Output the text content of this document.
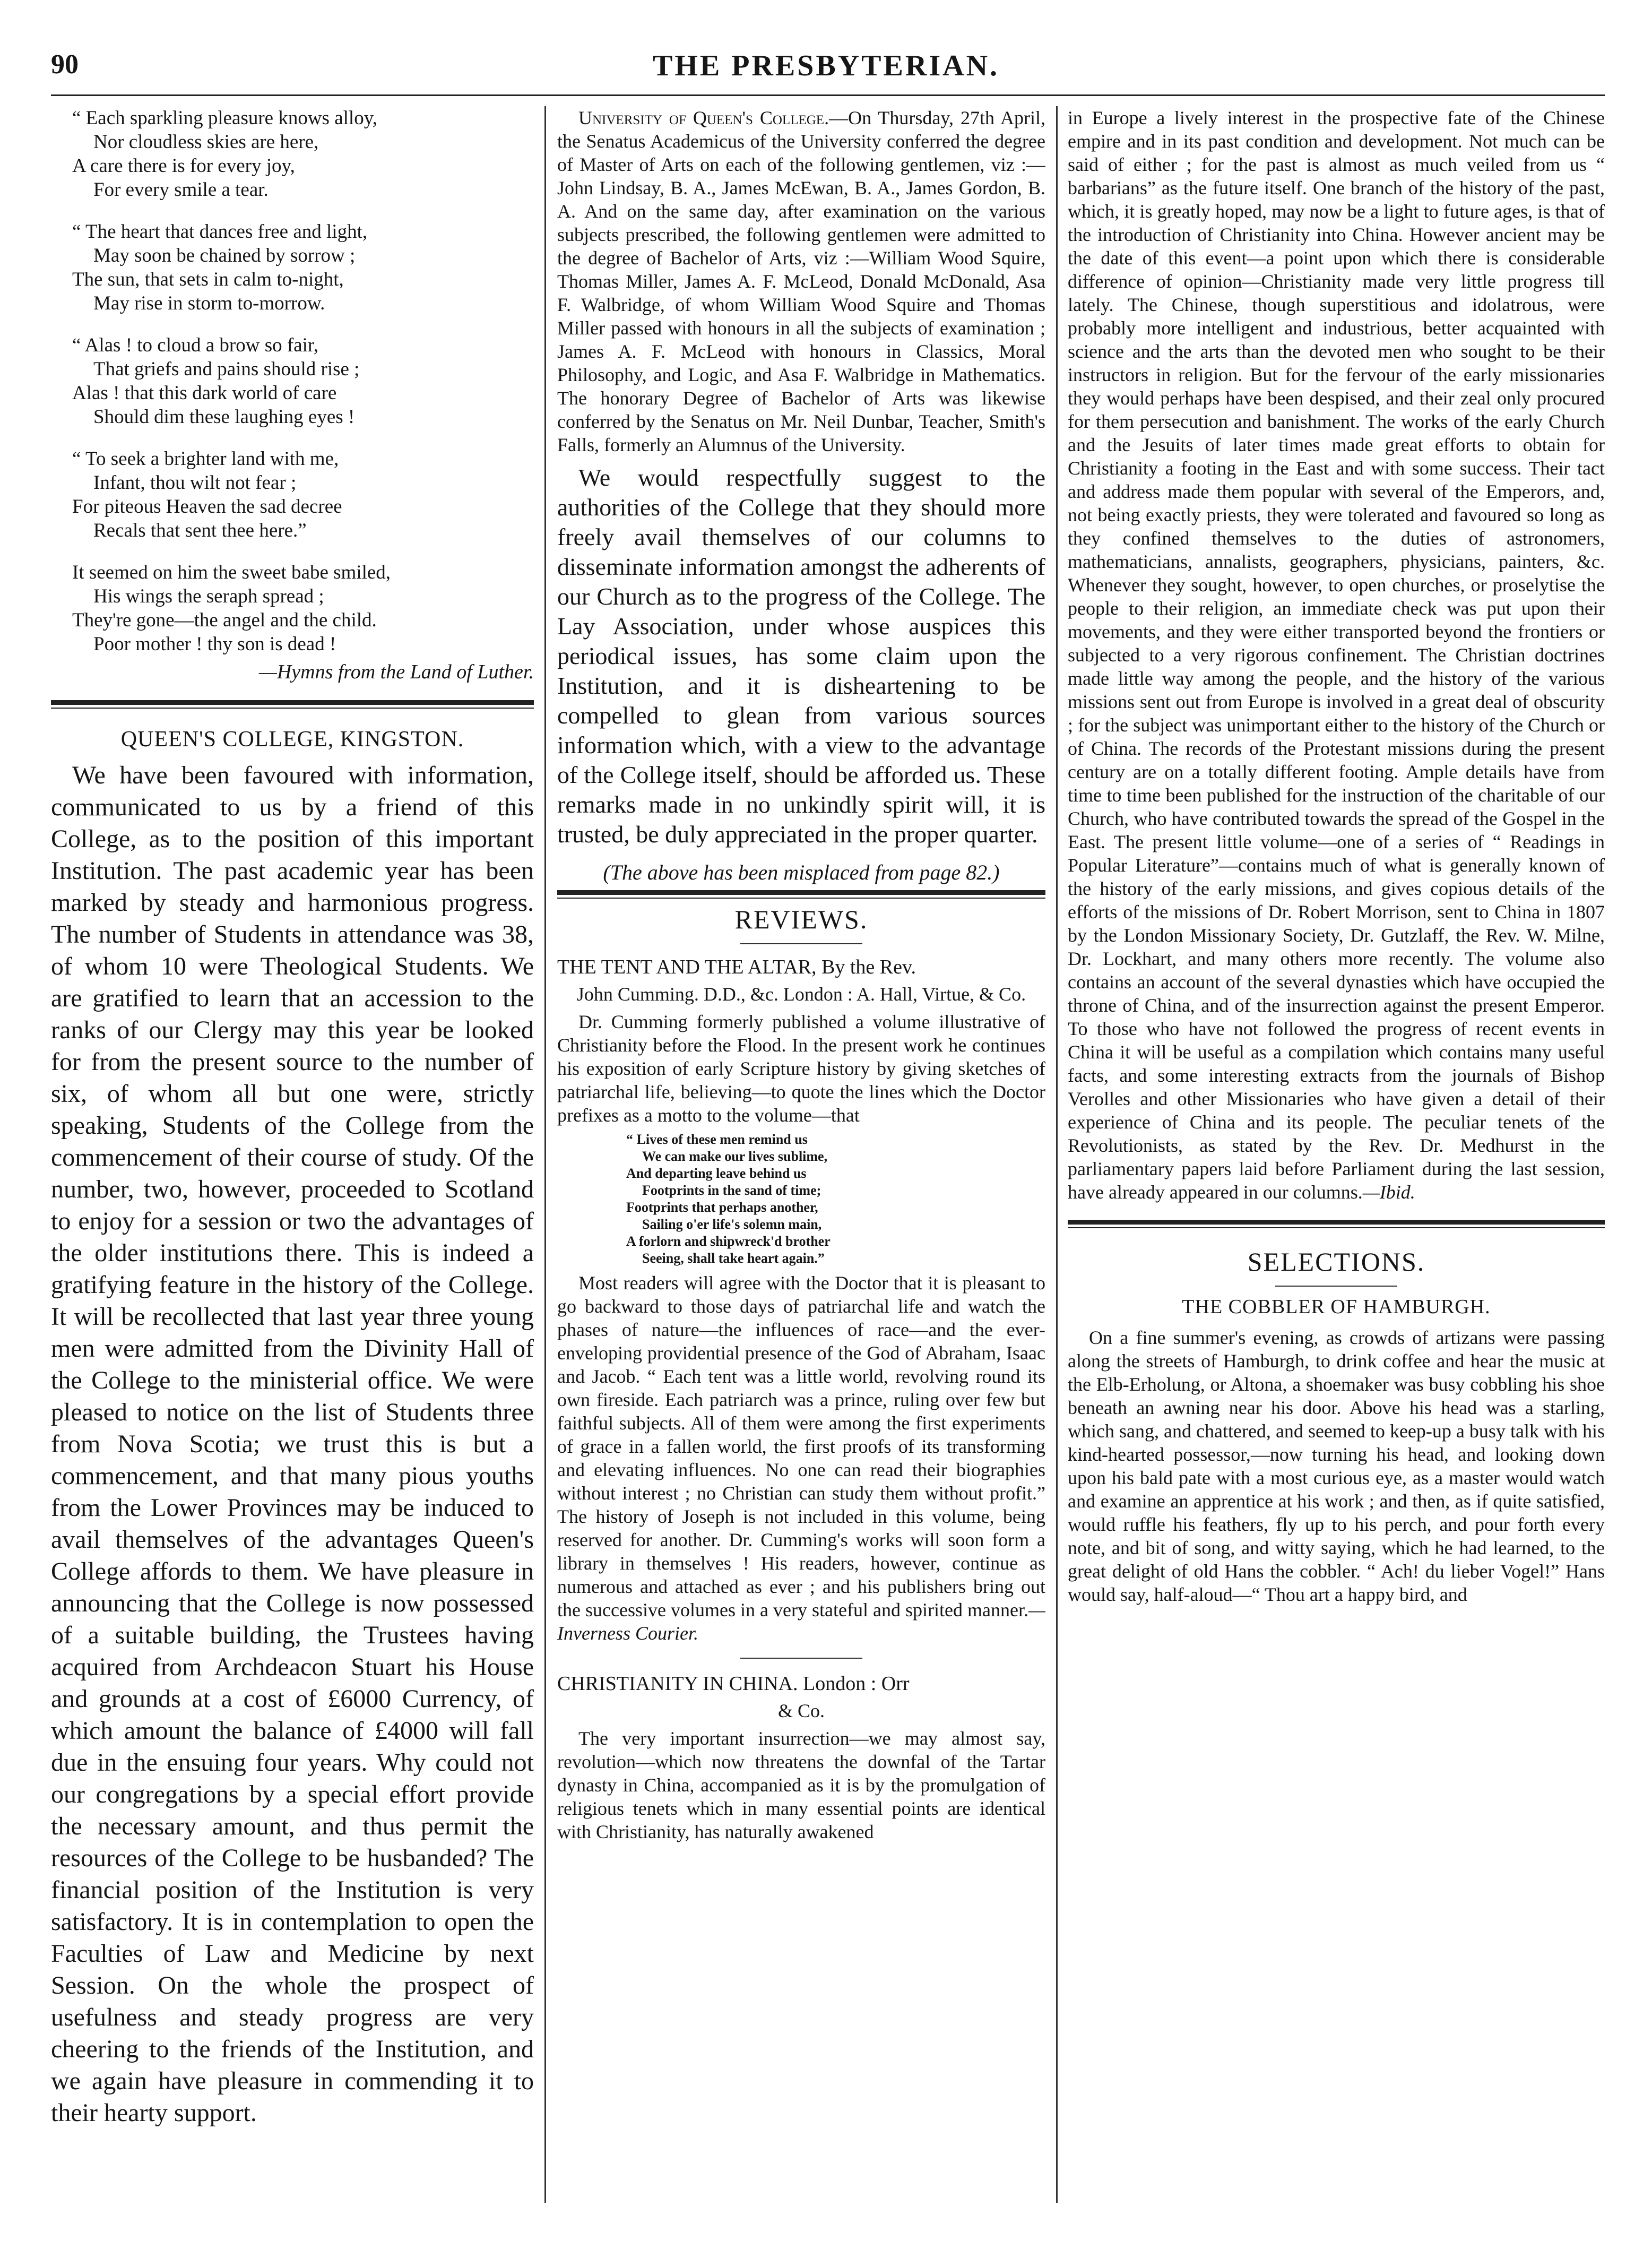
90	THE PRESBYTERIAN.
“ Each sparkling pleasure knows alloy,
Nor cloudless skies are here,
A care there is for every joy,
For every smile a tear.
“ The heart that dances free and light,
May soon be chained by sorrow ;
The sun, that sets in calm to-night,
May rise in storm to-morrow.
“ Alas ! to cloud a brow so fair,
That griefs and pains should rise ;
Alas ! that this dark world of care
Should dim these laughing eyes !
“ To seek a brighter land with me,
Infant, thou wilt not fear ;
For piteous Heaven the sad decree
Recals that sent thee here.”
It seemed on him the sweet babe smiled,
His wings the seraph spread ;
They're gone—the angel and the child.
Poor mother ! thy son is dead !
—Hymns from the Land of Luther.
QUEEN'S COLLEGE, KINGSTON.

We have been favoured with information, communicated to us by a friend of this College, as to the position of this important Institution. The past academic year has been marked by steady and harmonious progress. The number of Students in attendance was 38, of whom 10 were Theological Students. We are gratified to learn that an accession to the ranks of our Clergy may this year be looked for from the present source to the number of six, of whom all but one were, strictly speaking, Students of the College from the commencement of their course of study. Of the number, two, however, proceeded to Scotland to enjoy for a session or two the advantages of the older institutions there. This is indeed a gratifying feature in the history of the College. It will be recollected that last year three young men were admitted from the Divinity Hall of the College to the ministerial office. We were pleased to notice on the list of Students three from Nova Scotia; we trust this is but a commencement, and that many pious youths from the Lower Provinces may be induced to avail themselves of the advantages Queen's College affords to them. We have pleasure in announcing that the College is now possessed of a suitable building, the Trustees having acquired from Archdeacon Stuart his House and grounds at a cost of £6000 Currency, of which amount the balance of £4000 will fall due in the ensuing four years. Why could not our congregations by a special effort provide the necessary amount, and thus permit the resources of the College to be husbanded? The financial position of the Institution is very satisfactory. It is in contemplation to open the Faculties of Law and Medicine by next Session. On the whole the prospect of usefulness and steady progress are very cheering to the friends of the Institution, and we again have pleasure in commending it to their hearty support.

University of Queen's College.—On Thursday, 27th April, the Senatus Academicus of the University conferred the degree of Master of Arts on each of the following gentlemen, viz :— John Lindsay, B. A., James McEwan, B. A., James Gordon, B. A. And on the same day, after examination on the various subjects prescribed, the following gentlemen were admitted to the degree of Bachelor of Arts, viz :—William Wood Squire, Thomas Miller, James A. F. McLeod, Donald McDonald, Asa F. Walbridge, of whom William Wood Squire and Thomas Miller passed with honours in all the subjects of examination ; James A. F. McLeod with honours in Classics, Moral Philosophy, and Logic, and Asa F. Walbridge in Mathematics. The honorary Degree of Bachelor of Arts was likewise conferred by the Senatus on Mr. Neil Dunbar, Teacher, Smith's Falls, formerly an Alumnus of the University.

We would respectfully suggest to the authorities of the College that they should more freely avail themselves of our columns to disseminate information amongst the adherents of our Church as to the progress of the College. The Lay Association, under whose auspices this periodical issues, has some claim upon the Institution, and it is disheartening to be compelled to glean from various sources information which, with a view to the advantage of the College itself, should be afforded us. These remarks made in no unkindly spirit will, it is trusted, be duly appreciated in the proper quarter.

(The above has been misplaced from page 82.)
REVIEWS.
THE TENT AND THE ALTAR, By the Rev.
John Cumming. D.D., &c. London : A. Hall, Virtue, & Co.

Dr. Cumming formerly published a volume illustrative of Christianity before the Flood. In the present work he continues his exposition of early Scripture history by giving sketches of patriarchal life, believing—to quote the lines which the Doctor prefixes as a motto to the volume—that

“ Lives of these men remind us
We can make our lives sublime,
And departing leave behind us
Footprints in the sand of time;
Footprints that perhaps another,
Sailing o'er life's solemn main,
A forlorn and shipwreck'd brother
Seeing, shall take heart again.”

Most readers will agree with the Doctor that it is pleasant to go backward to those days of patriarchal life and watch the phases of nature—the influences of race—and the ever-enveloping providential presence of the God of Abraham, Isaac and Jacob. “ Each tent was a little world, revolving round its own fireside. Each patriarch was a prince, ruling over few but faithful subjects. All of them were among the first experiments of grace in a fallen world, the first proofs of its transforming and elevating influences. No one can read their biographies without interest ; no Christian can study them without profit.” The history of Joseph is not included in this volume, being reserved for another. Dr. Cumming's works will soon form a library in themselves ! His readers, however, continue as numerous and attached as ever ; and his publishers bring out the successive volumes in a very stateful and spirited manner.—Inverness Courier.

CHRISTIANITY IN CHINA. London : Orr
& Co.

The very important insurrection—we may almost say, revolution—which now threatens the downfal of the Tartar dynasty in China, accompanied as it is by the promulgation of religious tenets which in many essential points are identical with Christianity, has naturally awakened

in Europe a lively interest in the prospective fate of the Chinese empire and in its past condition and development. Not much can be said of either ; for the past is almost as much veiled from us “ barbarians” as the future itself. One branch of the history of the past, which, it is greatly hoped, may now be a light to future ages, is that of the introduction of Christianity into China. However ancient may be the date of this event—a point upon which there is considerable difference of opinion—Christianity made very little progress till lately. The Chinese, though superstitious and idolatrous, were probably more intelligent and industrious, better acquainted with science and the arts than the devoted men who sought to be their instructors in religion. But for the fervour of the early missionaries they would perhaps have been despised, and their zeal only procured for them persecution and banishment. The works of the early Church and the Jesuits of later times made great efforts to obtain for Christianity a footing in the East and with some success. Their tact and address made them popular with several of the Emperors, and, not being exactly priests, they were tolerated and favoured so long as they confined themselves to the duties of astronomers, mathematicians, annalists, geographers, physicians, painters, &c. Whenever they sought, however, to open churches, or proselytise the people to their religion, an immediate check was put upon their movements, and they were either transported beyond the frontiers or subjected to a very rigorous confinement. The Christian doctrines made little way among the people, and the history of the various missions sent out from Europe is involved in a great deal of obscurity ; for the subject was unimportant either to the history of the Church or of China. The records of the Protestant missions during the present century are on a totally different footing. Ample details have from time to time been published for the instruction of the charitable of our Church, who have contributed towards the spread of the Gospel in the East. The present little volume—one of a series of “ Readings in Popular Literature”—contains much of what is generally known of the history of the early missions, and gives copious details of the efforts of the missions of Dr. Robert Morrison, sent to China in 1807 by the London Missionary Society, Dr. Gutzlaff, the Rev. W. Milne, Dr. Lockhart, and many others more recently. The volume also contains an account of the several dynasties which have occupied the throne of China, and of the insurrection against the present Emperor. To those who have not followed the progress of recent events in China it will be useful as a compilation which contains many useful facts, and some interesting extracts from the journals of Bishop Verolles and other Missionaries who have given a detail of their experience of China and its people. The peculiar tenets of the Revolutionists, as stated by the Rev. Dr. Medhurst in the parliamentary papers laid before Parliament during the last session, have already appeared in our columns.—Ibid.

SELECTIONS.
THE COBBLER OF HAMBURGH.

On a fine summer's evening, as crowds of artizans were passing along the streets of Hamburgh, to drink coffee and hear the music at the Elb-Erholung, or Altona, a shoemaker was busy cobbling his shoe beneath an awning near his door. Above his head was a starling, which sang, and chattered, and seemed to keep-up a busy talk with his kind-hearted possessor,—now turning his head, and looking down upon his bald pate with a most curious eye, as a master would watch and examine an apprentice at his work ; and then, as if quite satisfied, would ruffle his feathers, fly up to his perch, and pour forth every note, and bit of song, and witty saying, which he had learned, to the great delight of old Hans the cobbler. “ Ach! du lieber Vogel!” Hans would say, half-aloud—“ Thou art a happy bird, and
